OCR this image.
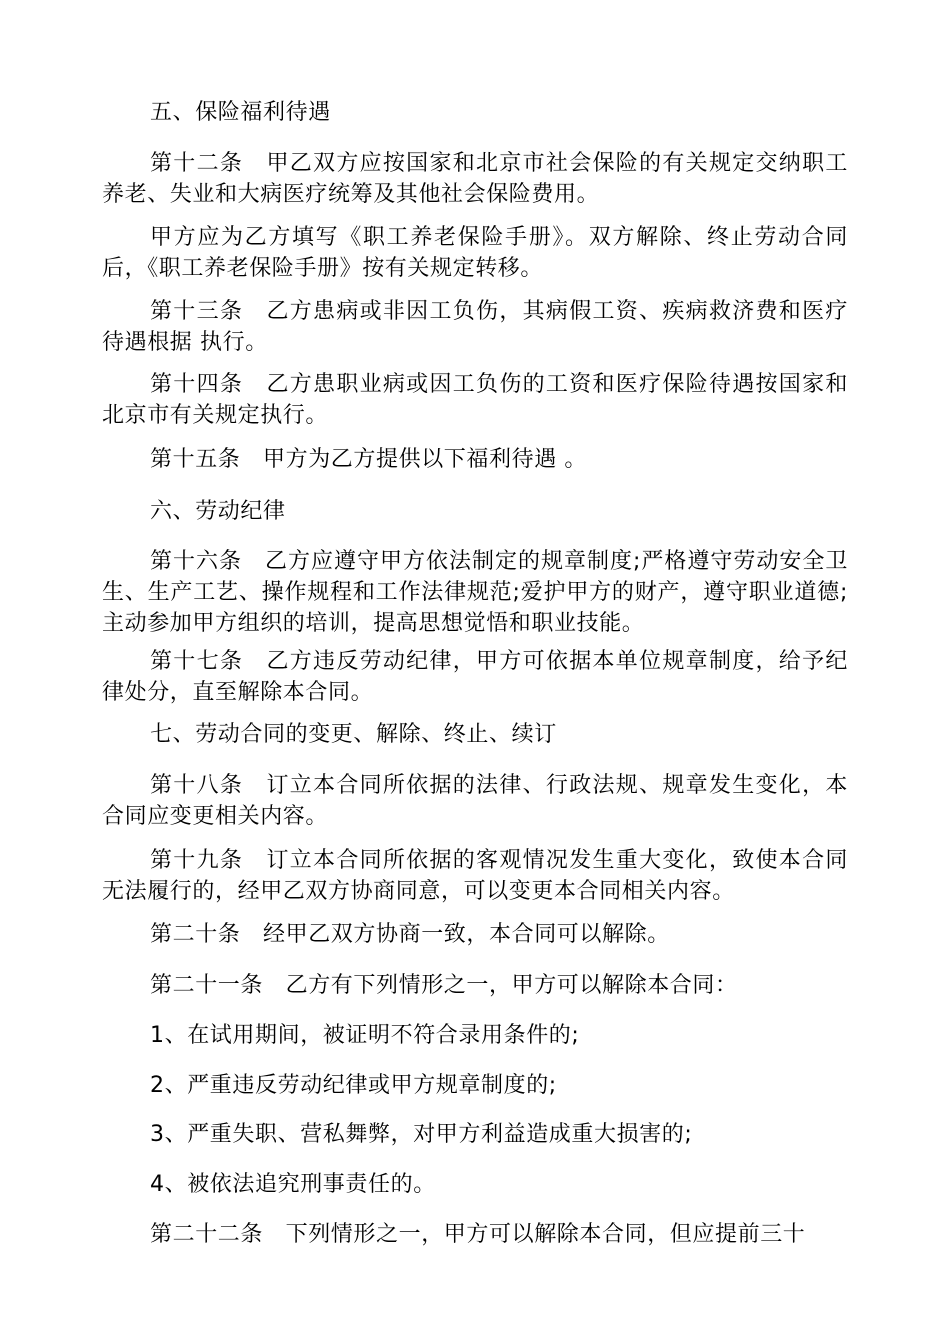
五、保险福利待遇

第十二条　甲乙双方应按国家和北京市社会保险的有关规定交纳职工养老、失业和大病医疗统筹及其他社会保险费用。

甲方应为乙方填写《职工养老保险手册》。双方解除、终止劳动合同后，《职工养老保险手册》按有关规定转移。

第十三条　乙方患病或非因工负伤，其病假工资、疾病救济费和医疗待遇根据 执行。

第十四条　乙方患职业病或因工负伤的工资和医疗保险待遇按国家和北京市有关规定执行。

第十五条　甲方为乙方提供以下福利待遇 。

六、劳动纪律

第十六条　乙方应遵守甲方依法制定的规章制度;严格遵守劳动安全卫生、生产工艺、操作规程和工作法律规范;爱护甲方的财产，遵守职业道德;主动参加甲方组织的培训，提高思想觉悟和职业技能。

第十七条　乙方违反劳动纪律，甲方可依据本单位规章制度，给予纪律处分，直至解除本合同。

七、劳动合同的变更、解除、终止、续订

第十八条　订立本合同所依据的法律、行政法规、规章发生变化，本合同应变更相关内容。

第十九条　订立本合同所依据的客观情况发生重大变化，致使本合同无法履行的，经甲乙双方协商同意，可以变更本合同相关内容。

第二十条　经甲乙双方协商一致，本合同可以解除。

第二十一条　乙方有下列情形之一，甲方可以解除本合同：

1、在试用期间，被证明不符合录用条件的;

2、严重违反劳动纪律或甲方规章制度的;

3、严重失职、营私舞弊，对甲方利益造成重大损害的;

4、被依法追究刑事责任的。

第二十二条　下列情形之一，甲方可以解除本合同，但应提前三十
